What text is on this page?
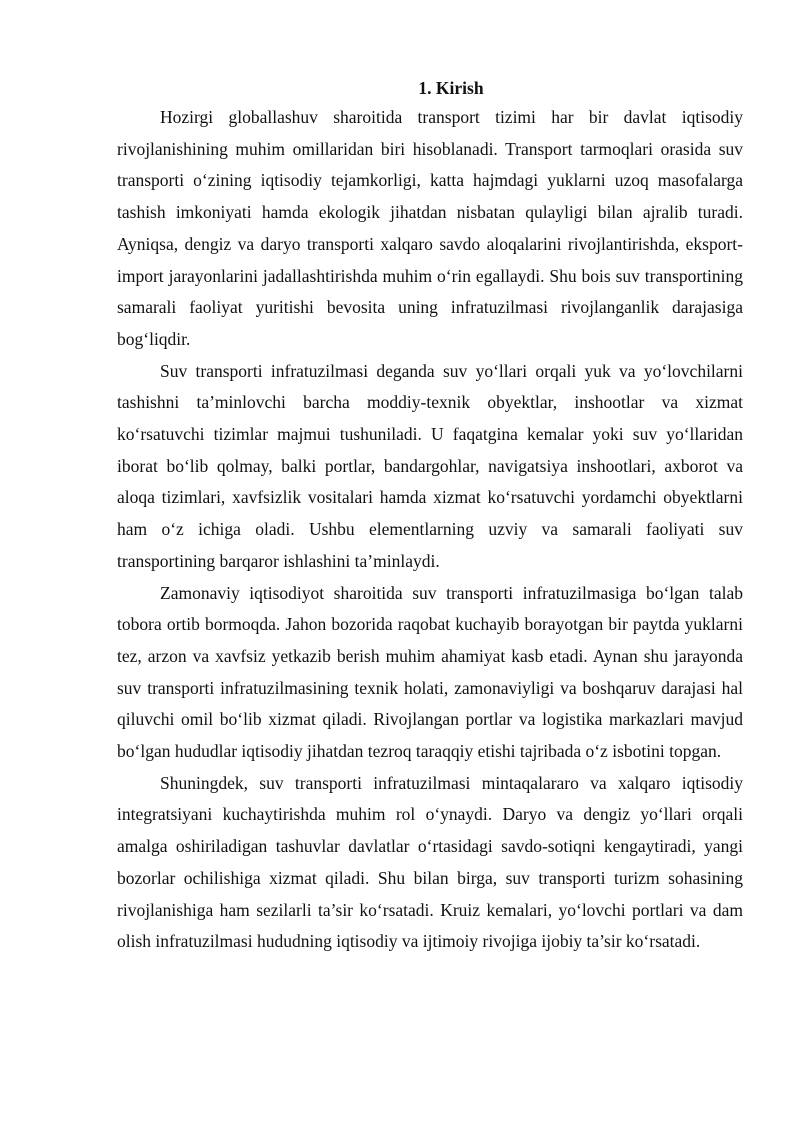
1. Kirish

Hozirgi globallashuv sharoitida transport tizimi har bir davlat iqtisodiy rivojlanishining muhim omillaridan biri hisoblanadi. Transport tarmoqlari orasida suv transporti o‘zining iqtisodiy tejamkorligi, katta hajmdagi yuklarni uzoq masofalarga tashish imkoniyati hamda ekologik jihatdan nisbatan qulayligi bilan ajralib turadi. Ayniqsa, dengiz va daryo transporti xalqaro savdo aloqalarini rivojlantirishda, eksport-import jarayonlarini jadallashtirishda muhim o‘rin egallaydi. Shu bois suv transportining samarali faoliyat yuritishi bevosita uning infratuzilmasi rivojlanganlik darajasiga bog‘liqdir.

Suv transporti infratuzilmasi deganda suv yo‘llari orqali yuk va yo‘lovchilarni tashishni ta’minlovchi barcha moddiy-texnik obyektlar, inshootlar va xizmat ko‘rsatuvchi tizimlar majmui tushuniladi. U faqatgina kemalar yoki suv yo‘llaridan iborat bo‘lib qolmay, balki portlar, bandargohlar, navigatsiya inshootlari, axborot va aloqa tizimlari, xavfsizlik vositalari hamda xizmat ko‘rsatuvchi yordamchi obyektlarni ham o‘z ichiga oladi. Ushbu elementlarning uzviy va samarali faoliyati suv transportining barqaror ishlashini ta’minlaydi.

Zamonaviy iqtisodiyot sharoitida suv transporti infratuzilmasiga bo‘lgan talab tobora ortib bormoqda. Jahon bozorida raqobat kuchayib borayotgan bir paytda yuklarni tez, arzon va xavfsiz yetkazib berish muhim ahamiyat kasb etadi. Aynan shu jarayonda suv transporti infratuzilmasining texnik holati, zamonaviyligi va boshqaruv darajasi hal qiluvchi omil bo‘lib xizmat qiladi. Rivojlangan portlar va logistika markazlari mavjud bo‘lgan hududlar iqtisodiy jihatdan tezroq taraqqiy etishi tajribada o‘z isbotini topgan.

Shuningdek, suv transporti infratuzilmasi mintaqalararo va xalqaro iqtisodiy integratsiyani kuchaytirishda muhim rol o‘ynaydi. Daryo va dengiz yo‘llari orqali amalga oshiriladigan tashuvlar davlatlar o‘rtasidagi savdo-sotiqni kengaytiradi, yangi bozorlar ochilishiga xizmat qiladi. Shu bilan birga, suv transporti turizm sohasining rivojlanishiga ham sezilarli ta’sir ko‘rsatadi. Kruiz kemalari, yo‘lovchi portlari va dam olish infratuzilmasi hududning iqtisodiy va ijtimoiy rivojiga ijobiy ta’sir ko‘rsatadi.
